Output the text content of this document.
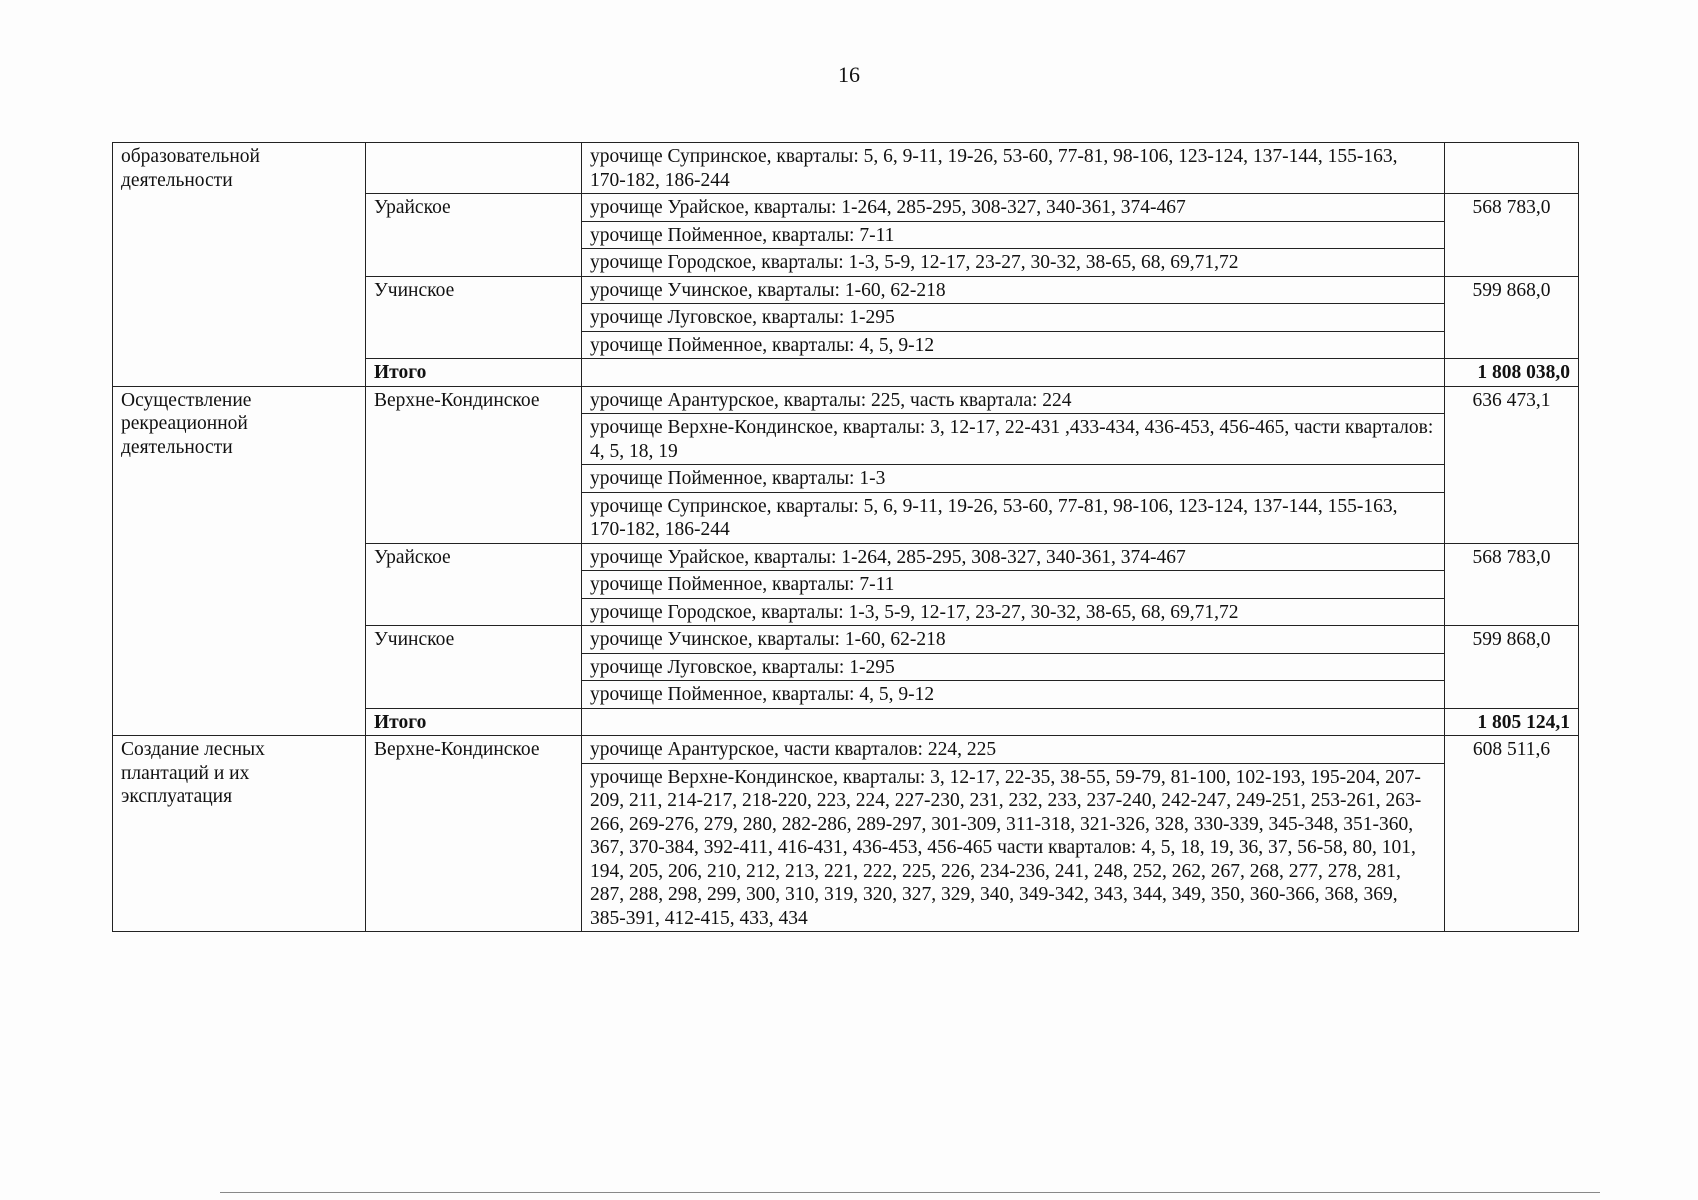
16
образовательной деятельности		урочище Супринское, кварталы: 5, 6, 9-11, 19-26, 53-60, 77-81, 98-106, 123-124, 137-144, 155-163, 170-182, 186-244	
	Урайское	урочище Урайское, кварталы: 1-264, 285-295, 308-327, 340-361, 374-467	568 783,0
		урочище Пойменное, кварталы: 7-11	
		урочище Городское, кварталы: 1-3, 5-9, 12-17, 23-27, 30-32, 38-65, 68, 69,71,72	
	Учинское	урочище Учинское, кварталы: 1-60, 62-218	599 868,0
		урочище Луговское, кварталы: 1-295	
		урочище Пойменное, кварталы: 4, 5, 9-12	
	Итого		1 808 038,0
Осуществление рекреационной деятельности	Верхне-Кондинское	урочище Арантурское, кварталы: 225, часть квартала: 224	636 473,1
		урочище Верхне-Кондинское, кварталы: 3, 12-17, 22-431 ,433-434, 436-453, 456-465, части кварталов: 4, 5, 18, 19	
		урочище Пойменное, кварталы: 1-3	
		урочище Супринское, кварталы: 5, 6, 9-11, 19-26, 53-60, 77-81, 98-106, 123-124, 137-144, 155-163, 170-182, 186-244	
	Урайское	урочище Урайское, кварталы: 1-264, 285-295, 308-327, 340-361, 374-467	568 783,0
		урочище Пойменное, кварталы: 7-11	
		урочище Городское, кварталы: 1-3, 5-9, 12-17, 23-27, 30-32, 38-65, 68, 69,71,72	
	Учинское	урочище Учинское, кварталы: 1-60, 62-218	599 868,0
		урочище Луговское, кварталы: 1-295	
		урочище Пойменное, кварталы: 4, 5, 9-12	
	Итого		1 805 124,1
Создание лесных плантаций и их эксплуатация	Верхне-Кондинское	урочище Арантурское, части кварталов: 224, 225	608 511,6
		урочище Верхне-Кондинское, кварталы: 3, 12-17, 22-35, 38-55, 59-79, 81-100, 102-193, 195-204, 207-209, 211, 214-217, 218-220, 223, 224, 227-230, 231, 232, 233, 237-240, 242-247, 249-251, 253-261, 263-266, 269-276, 279, 280, 282-286, 289-297, 301-309, 311-318, 321-326, 328, 330-339, 345-348, 351-360, 367, 370-384, 392-411, 416-431, 436-453, 456-465 части кварталов: 4, 5, 18, 19, 36, 37, 56-58, 80, 101, 194, 205, 206, 210, 212, 213, 221, 222, 225, 226, 234-236, 241, 248, 252, 262, 267, 268, 277, 278, 281, 287, 288, 298, 299, 300, 310, 319, 320, 327, 329, 340, 349-342, 343, 344, 349, 350, 360-366, 368, 369, 385-391, 412-415, 433, 434	
